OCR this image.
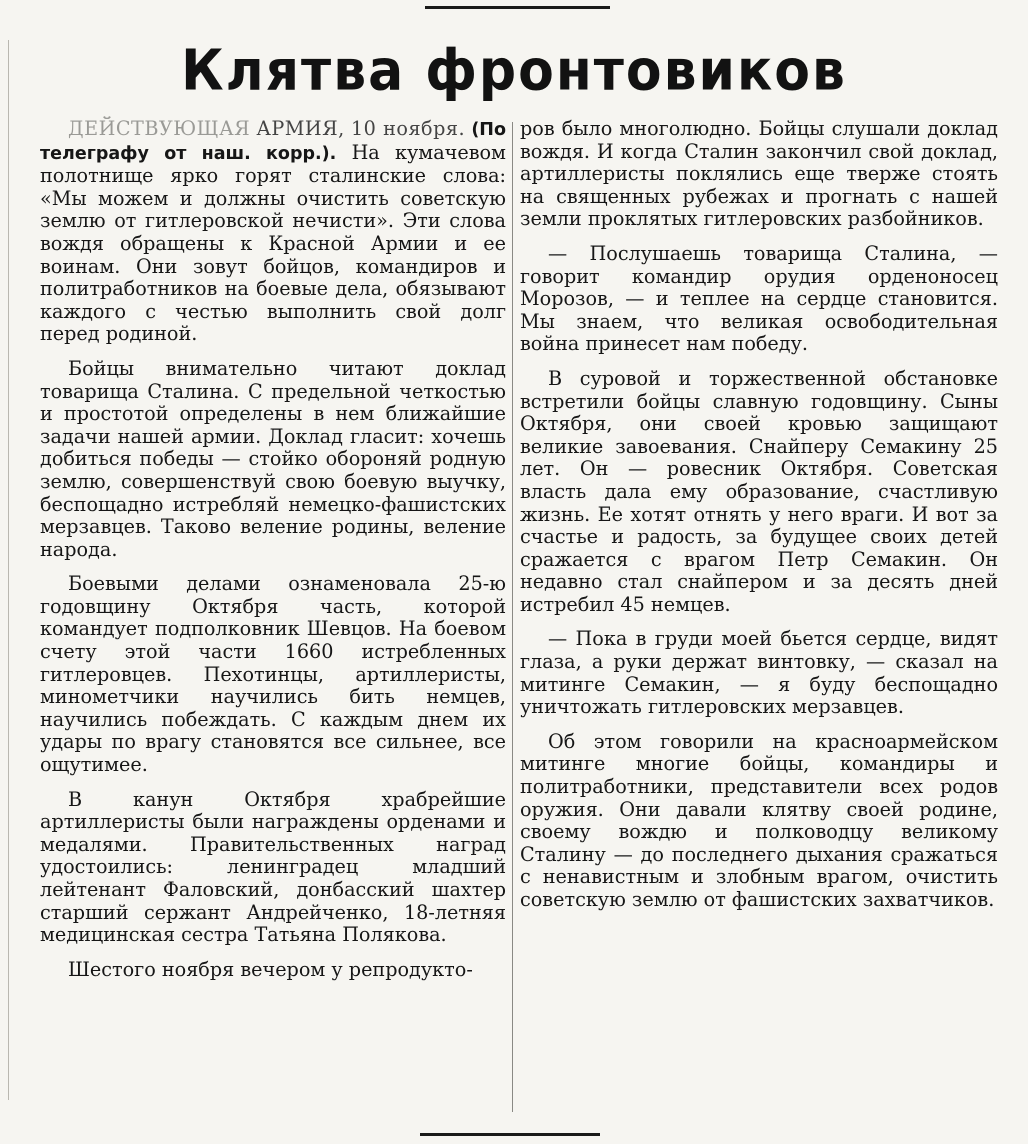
Клятва фронтовиков

ДЕЙСТВУЮЩАЯ АРМИЯ, 10 ноября. (По телеграфу от наш. корр.). На кумачевом полотнище ярко горят сталинские слова: «Мы можем и должны очистить советскую землю от гитлеровской нечисти». Эти слова вождя обращены к Красной Армии и ее воинам. Они зовут бойцов, командиров и политработников на боевые дела, обязывают каждого с честью выполнить свой долг перед родиной.

Бойцы внимательно читают доклад товарища Сталина. С предельной четкостью и простотой определены в нем ближайшие задачи нашей армии. Доклад гласит: хочешь добиться победы — стойко обороняй родную землю, совершенствуй свою боевую выучку, беспощадно истребляй немецко-фашистских мерзавцев. Таково веление родины, веление народа.

Боевыми делами ознаменовала 25-ю годовщину Октября часть, которой командует подполковник Шевцов. На боевом счету этой части 1660 истребленных гитлеровцев. Пехотинцы, артиллеристы, минометчики научились бить немцев, научились побеждать. С каждым днем их удары по врагу становятся все сильнее, все ощутимее.

В канун Октября храбрейшие артиллеристы были награждены орденами и медалями. Правительственных наград удостоились: ленинградец младший лейтенант Фаловский, донбасский шахтер старший сержант Андрейченко, 18-летняя медицинская сестра Татьяна Полякова.

Шестого ноября вечером у репродукто-

ров было многолюдно. Бойцы слушали доклад вождя. И когда Сталин закончил свой доклад, артиллеристы поклялись еще тверже стоять на священных рубежах и прогнать с нашей земли проклятых гитлеровских разбойников.

— Послушаешь товарища Сталина, — говорит командир орудия орденоносец Морозов, — и теплее на сердце становится. Мы знаем, что великая освободительная война принесет нам победу.

В суровой и торжественной обстановке встретили бойцы славную годовщину. Сыны Октября, они своей кровью защищают великие завоевания. Снайперу Семакину 25 лет. Он — ровесник Октября. Советская власть дала ему образование, счастливую жизнь. Ее хотят отнять у него враги. И вот за счастье и радость, за будущее своих детей сражается с врагом Петр Семакин. Он недавно стал снайпером и за десять дней истребил 45 немцев.

— Пока в груди моей бьется сердце, видят глаза, а руки держат винтовку, — сказал на митинге Семакин, — я буду беспощадно уничтожать гитлеровских мерзавцев.

Об этом говорили на красноармейском митинге многие бойцы, командиры и политработники, представители всех родов оружия. Они давали клятву своей родине, своему вождю и полководцу великому Сталину — до последнего дыхания сражаться с ненавистным и злобным врагом, очистить советскую землю от фашистских захватчиков.
